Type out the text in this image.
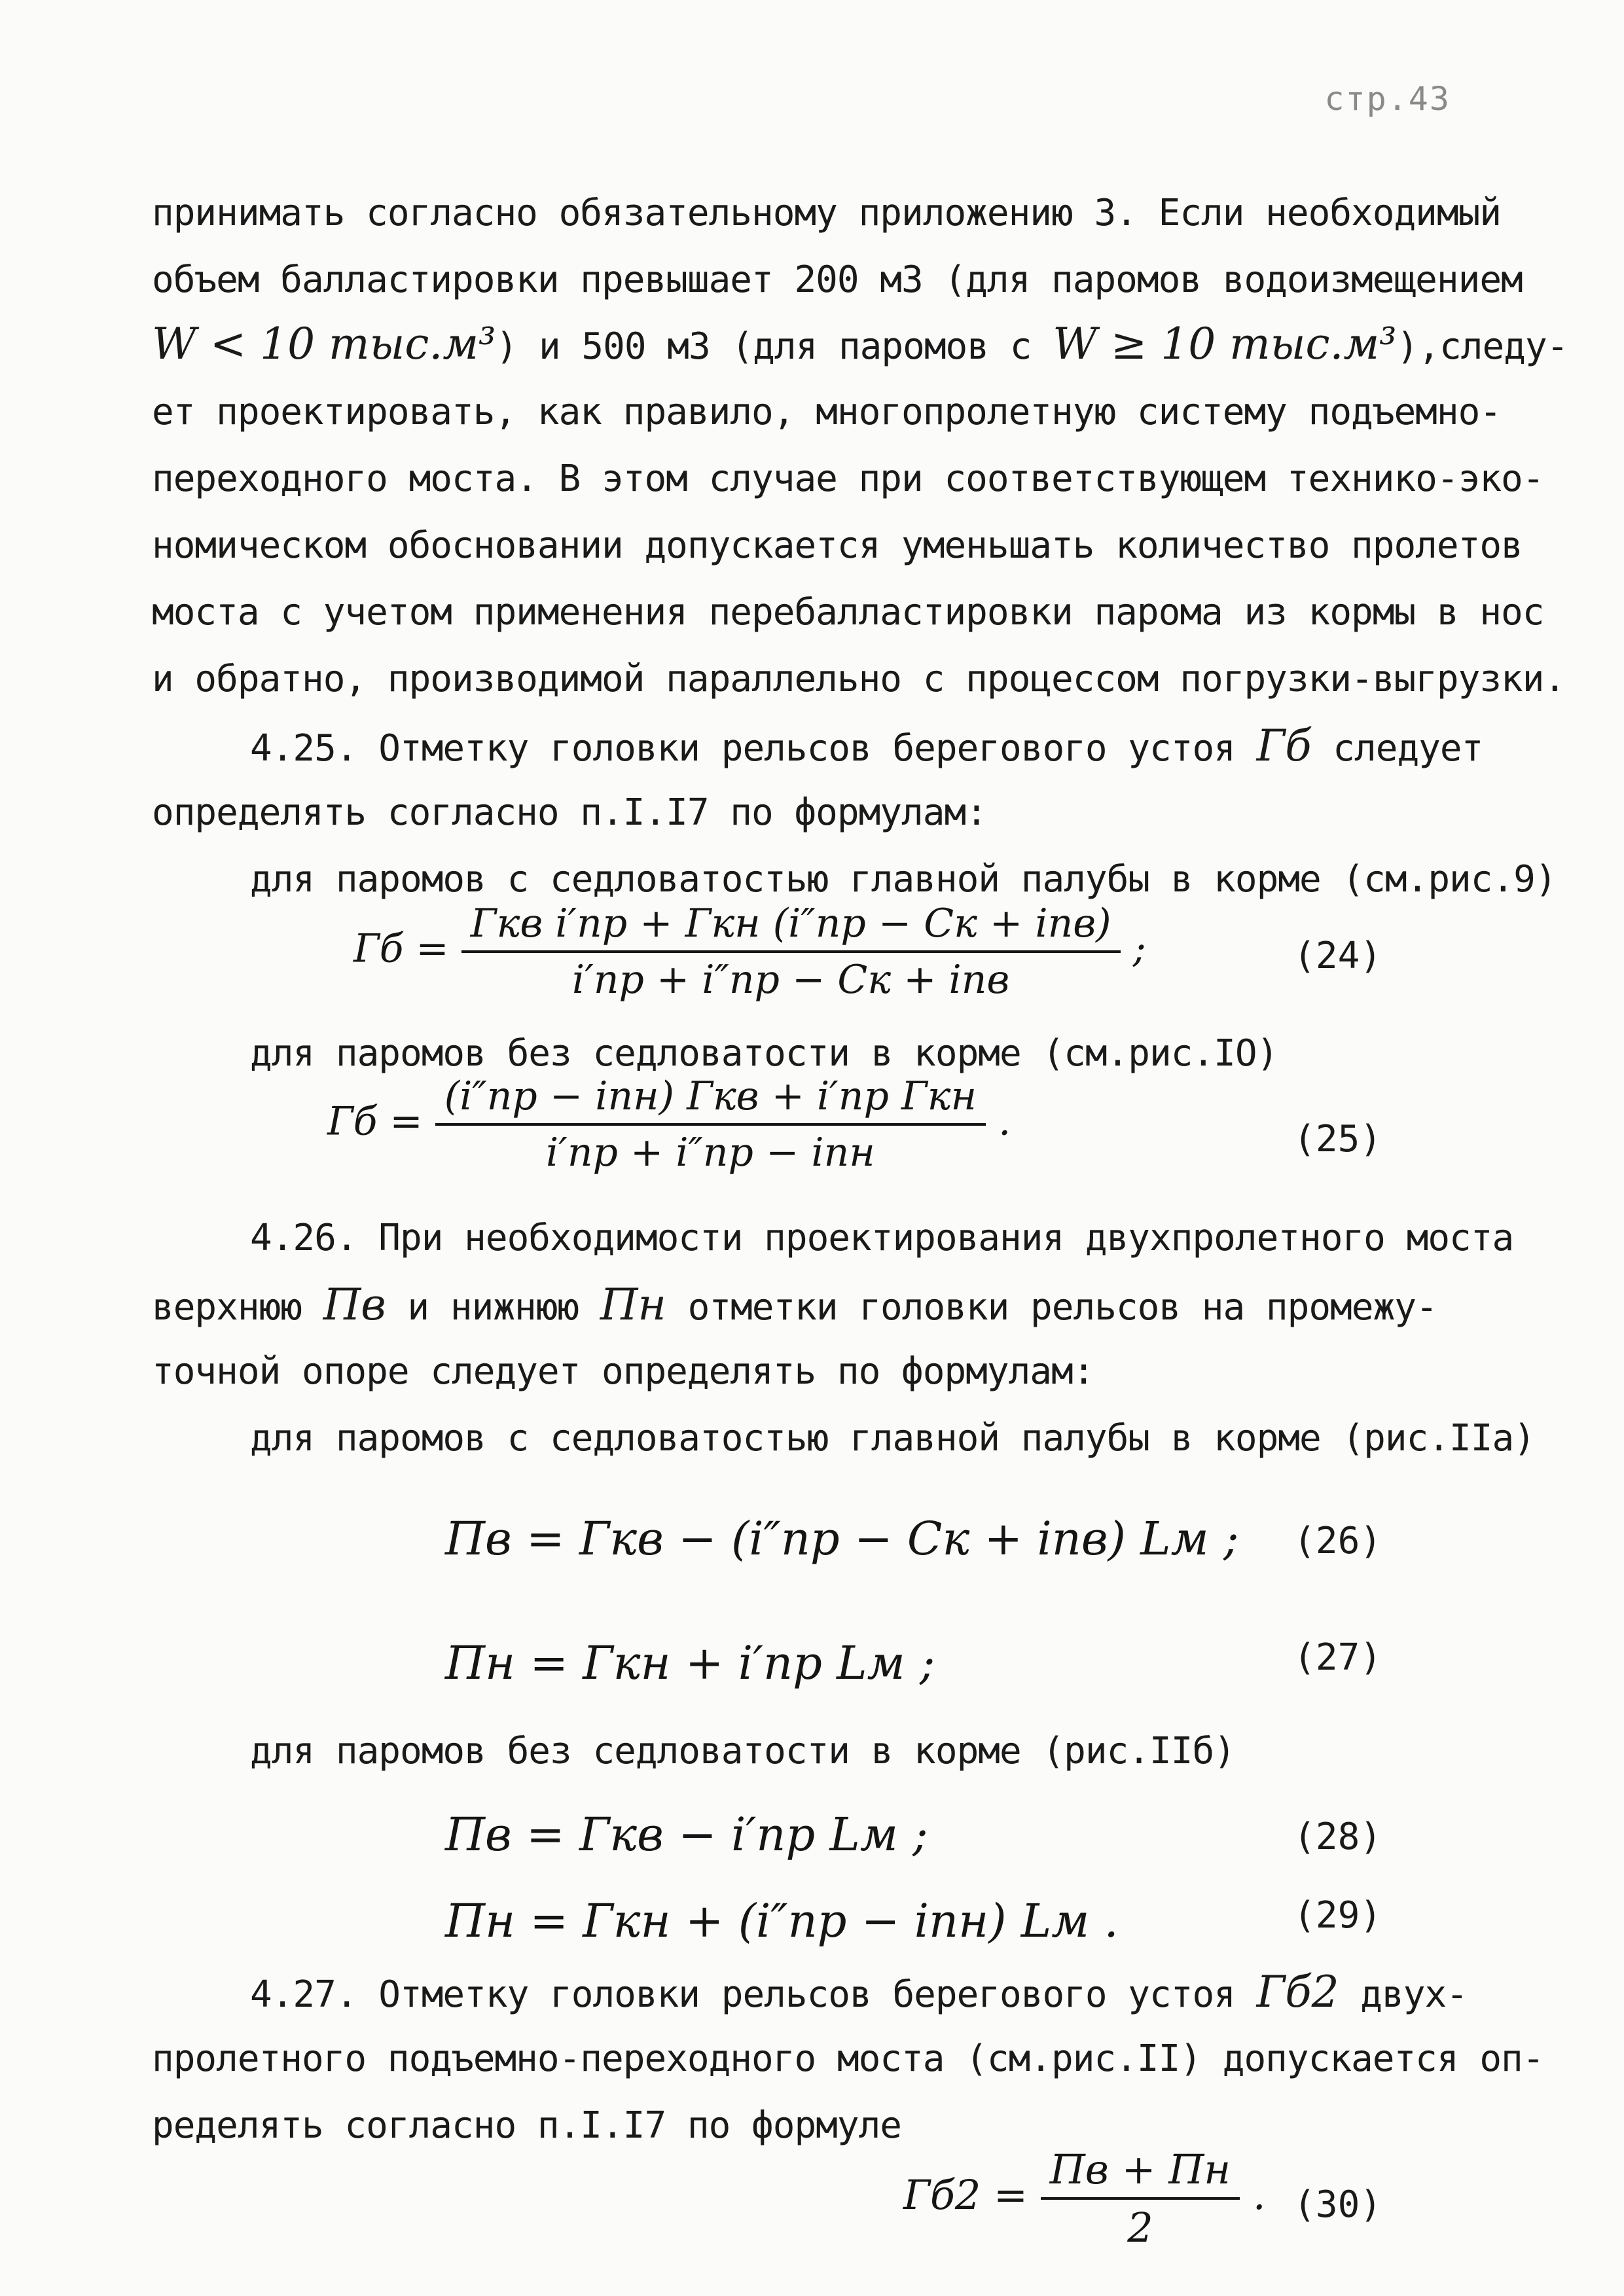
стр.43
принимать согласно обязательному приложению 3. Если необходимый
объем балластировки превышает 200 м3 (для паромов водоизмещением
W < 10 тыс.м³) и 500 м3 (для паромов с W ≥ 10 тыс.м³),следу-
ет проектировать, как правило, многопролетную систему подъемно-
переходного моста. В этом случае при соответствующем технико-эко-
номическом обосновании допускается уменьшать количество пролетов
моста с учетом применения перебалластировки парома из кормы в нос
и обратно, производимой параллельно с процессом погрузки-выгрузки.
4.25. Отметку головки рельсов берегового устоя Гб следует
определять согласно п.I.I7 по формулам:
для паромов с седловатостью главной палубы в корме (см.рис.9)
Гб = $\frac{\text{Гкв i′пр + Гкн (i″пр − Cк + iпв)}}{\text{i′пр + i″пр − Cк + iпв}}$ ;	(24)
для паромов без седловатости в корме (см.рис.IO)
Гб = $\frac{\text{(i″пр − iпн) Гкв + i′пр Гкн}}{\text{i′пр + i″пр − iпн}}$ .	(25)
4.26. При необходимости проектирования двухпролетного моста
верхнюю Пв и нижнюю Пн отметки головки рельсов на промежу-
точной опоре следует определять по формулам:
для паромов с седловатостью главной палубы в корме (рис.IIа)
Пв = Гкв − (i″пр − Cк + iпв) Lм ; (26)
Пн = Гкн + i′пр Lм ;	(27)
для паромов без седловатости в корме (рис.IIб)
Пв = Гкв − i′пр Lм ;	(28)
Пн = Гкн + (i″пр − iпн) Lм .	(29)
4.27. Отметку головки рельсов берегового устоя Гб2 двух-
пролетного подъемно-переходного моста (см.рис.II) допускается оп-
ределять согласно п.I.I7 по формуле
$Гб2 = \frac{Пв + Пн}{2}$ . (30)
